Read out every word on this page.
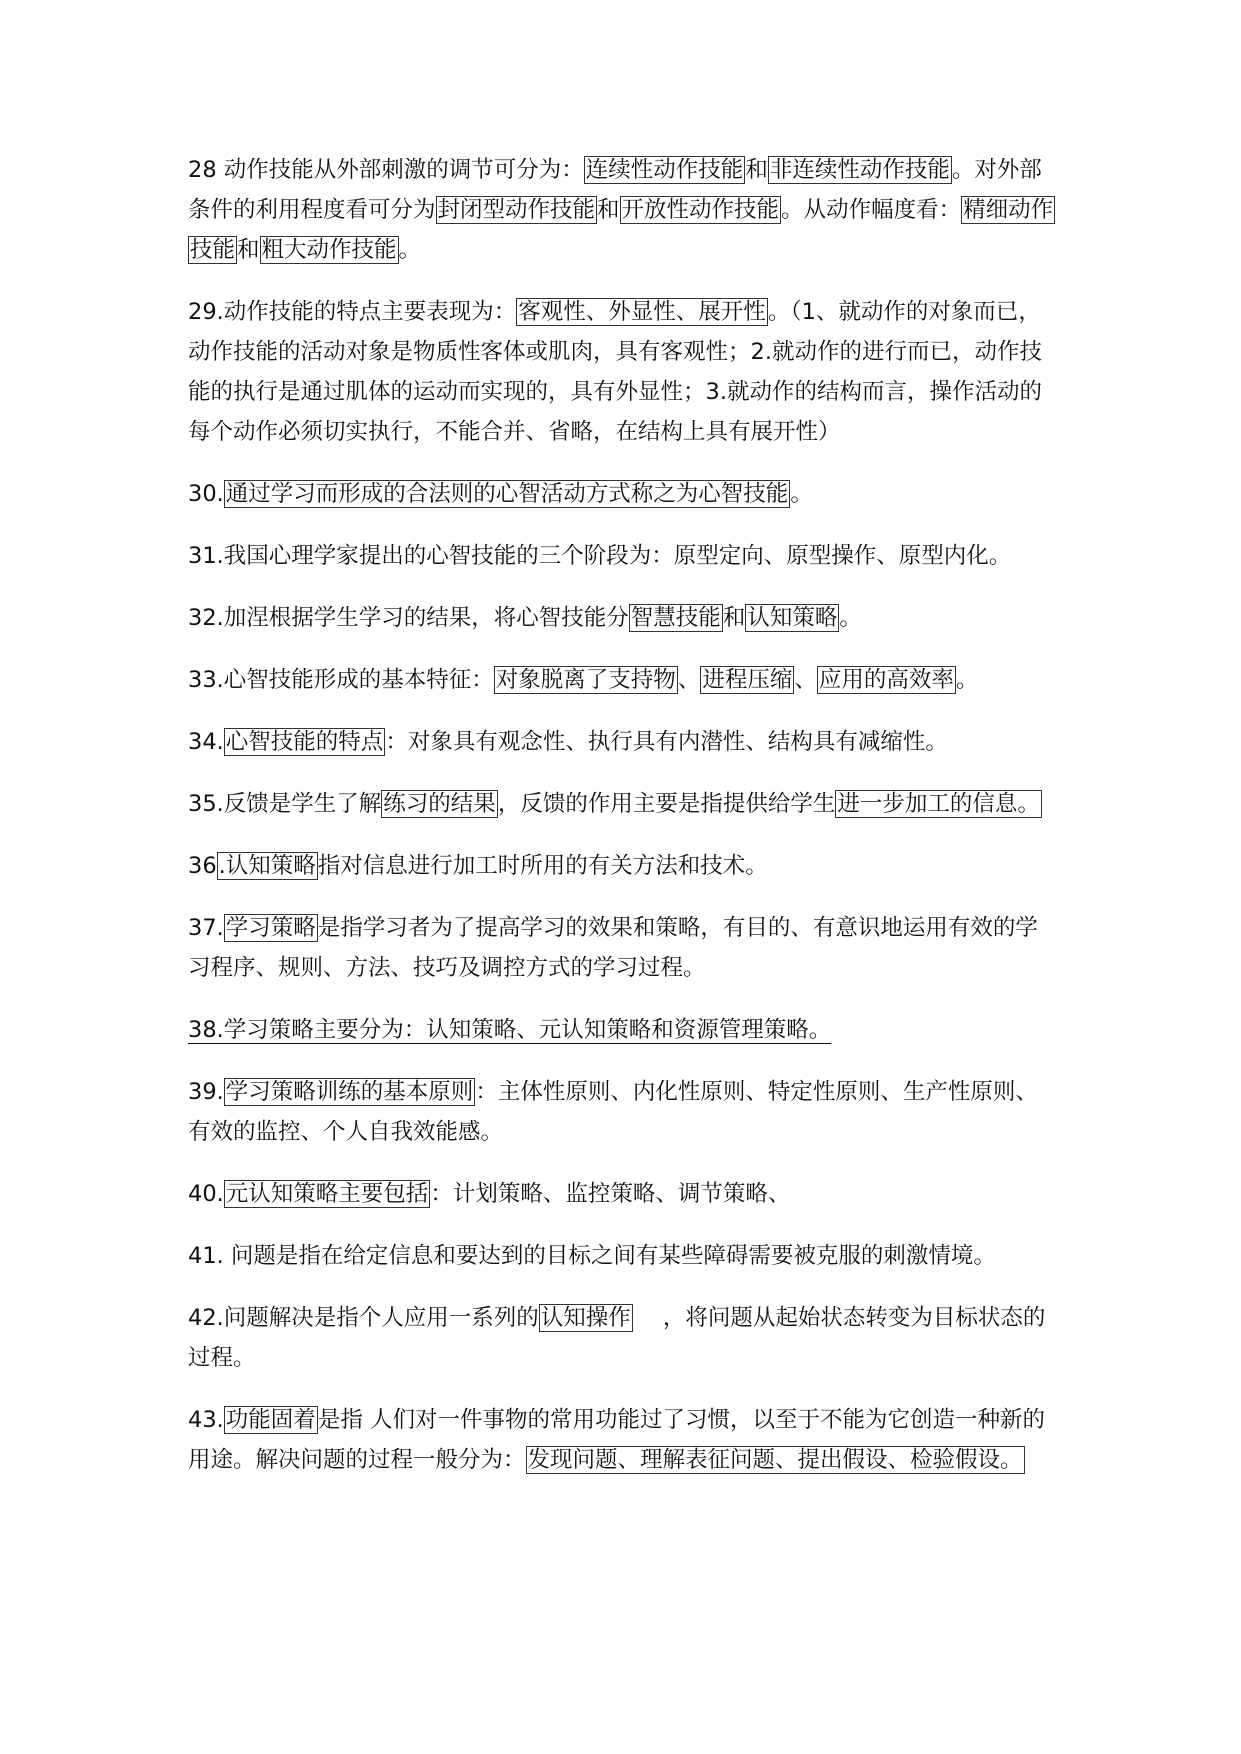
28 动作技能从外部刺激的调节可分为：连续性动作技能和非连续性动作技能。对外部条件的利用程度看可分为封闭型动作技能和开放性动作技能。从动作幅度看：精细动作技能和粗大动作技能。

29.动作技能的特点主要表现为：客观性、外显性、展开性。（1、就动作的对象而已，动作技能的活动对象是物质性客体或肌肉，具有客观性；2.就动作的进行而已，动作技能的执行是通过肌体的运动而实现的，具有外显性；3.就动作的结构而言，操作活动的每个动作必须切实执行，不能合并、省略，在结构上具有展开性）

30.通过学习而形成的合法则的心智活动方式称之为心智技能。

31.我国心理学家提出的心智技能的三个阶段为：原型定向、原型操作、原型内化。

32.加涅根据学生学习的结果，将心智技能分智慧技能和认知策略。

33.心智技能形成的基本特征：对象脱离了支持物、进程压缩、应用的高效率。

34.心智技能的特点：对象具有观念性、执行具有内潜性、结构具有减缩性。

35.反馈是学生了解练习的结果，反馈的作用主要是指提供给学生进一步加工的信息。

36.认知策略指对信息进行加工时所用的有关方法和技术。

37.学习策略是指学习者为了提高学习的效果和策略，有目的、有意识地运用有效的学习程序、规则、方法、技巧及调控方式的学习过程。

38.学习策略主要分为：认知策略、元认知策略和资源管理策略。

39.学习策略训练的基本原则：主体性原则、内化性原则、特定性原则、生产性原则、有效的监控、个人自我效能感。

40.元认知策略主要包括：计划策略、监控策略、调节策略、

41. 问题是指在给定信息和要达到的目标之间有某些障碍需要被克服的刺激情境。

42.问题解决是指个人应用一系列的认知操作 ，将问题从起始状态转变为目标状态的过程。

43.功能固着是指 人们对一件事物的常用功能过了习惯，以至于不能为它创造一种新的用途。解决问题的过程一般分为：发现问题、理解表征问题、提出假设、检验假设。
